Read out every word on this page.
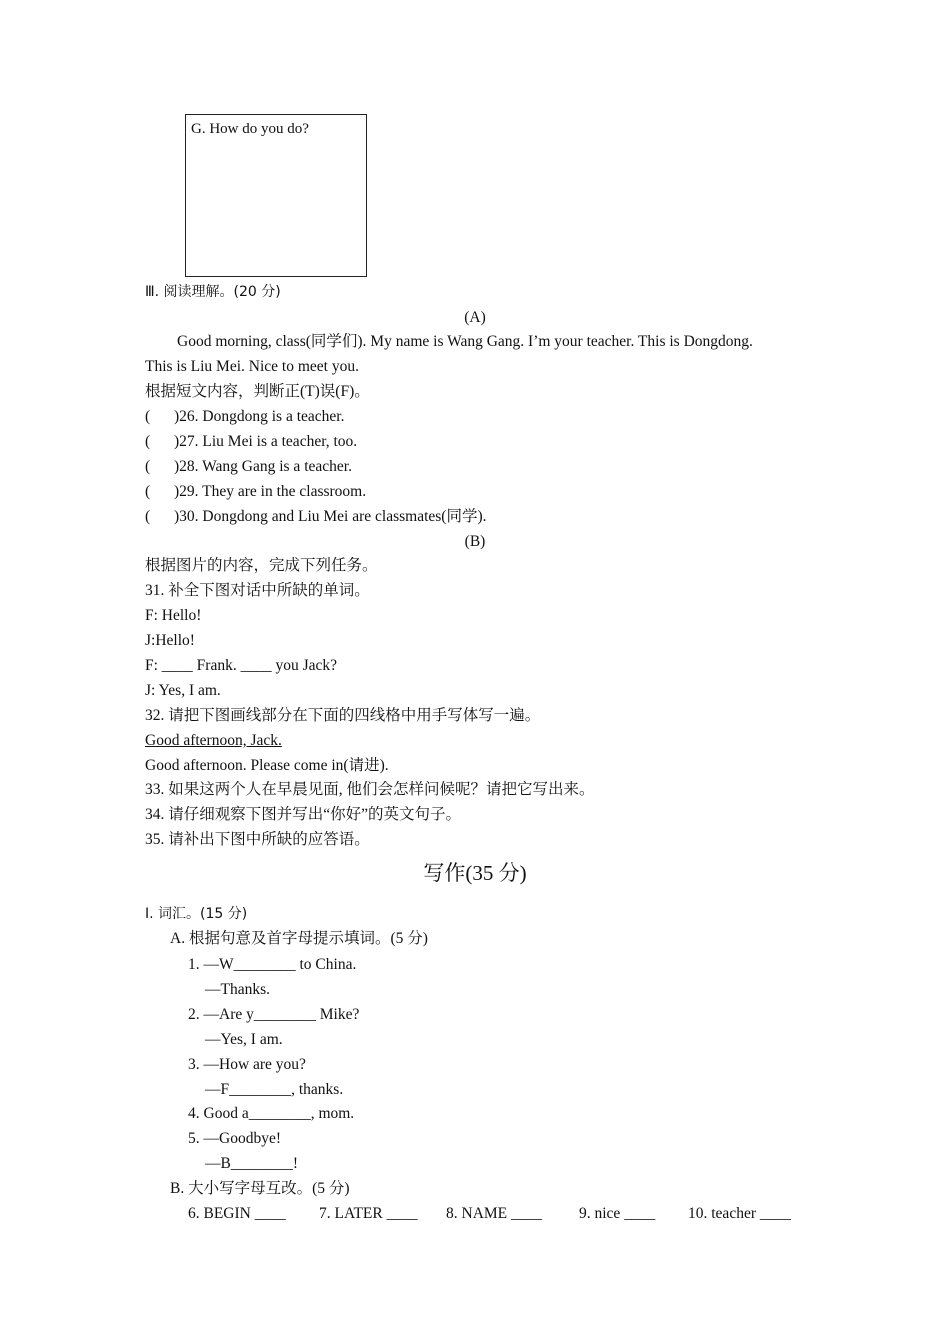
G. How do you do?
Ⅲ. 阅读理解。(20 分)
(A)
Good morning, class(同学们). My name is Wang Gang. I’m your teacher. This is Dongdong.
This is Liu Mei. Nice to meet you.
根据短文内容，判断正(T)误(F)。
( )26. Dongdong is a teacher.
( )27. Liu Mei is a teacher, too.
( )28. Wang Gang is a teacher.
( )29. They are in the classroom.
( )30. Dongdong and Liu Mei are classmates(同学).
(B)
根据图片的内容，完成下列任务。
31. 补全下图对话中所缺的单词。
F: Hello!
J:Hello!
F: ____ Frank. ____ you Jack?
J: Yes, I am.
32. 请把下图画线部分在下面的四线格中用手写体写一遍。
Good afternoon, Jack.
Good afternoon. Please come in(请进).
33. 如果这两个人在早晨见面, 他们会怎样问候呢？请把它写出来。
34. 请仔细观察下图并写出“你好”的英文句子。
35. 请补出下图中所缺的应答语。
写作(35 分)
Ⅰ. 词汇。(15 分)
A. 根据句意及首字母提示填词。(5 分)
1. —W________ to China.
—Thanks.
2. —Are y________ Mike?
—Yes, I am.
3. —How are you?
—F________, thanks.
4. Good a________, mom.
5. —Goodbye!
—B________!
B. 大小写字母互改。(5 分)
6. BEGIN ____ 7. LATER ____ 8. NAME ____ 9. nice ____ 10. teacher ____
